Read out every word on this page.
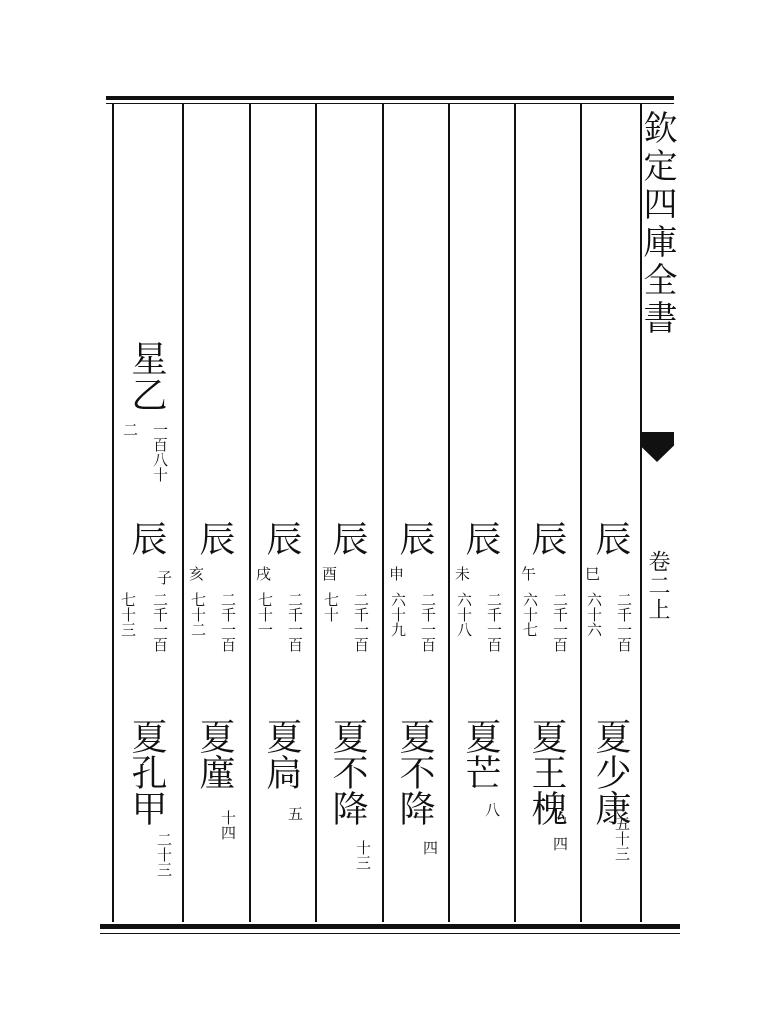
欽定四庫全書
卷二上
辰
巳
二千一百
六十六
夏少康
五十三
辰
午
二千一百
六十七
夏王槐
四
辰
未
二千一百
六十八
夏芒
八
辰
申
二千一百
六十九
夏不降
四
辰
酉
二千一百
七十
夏不降
十三
辰
戌
二千一百
七十一
夏扃
五
辰
亥
二千一百
七十二
夏廑
十四
辰
子
二千一百
七十三
夏孔甲
二十三
星乙
一百八十
二
